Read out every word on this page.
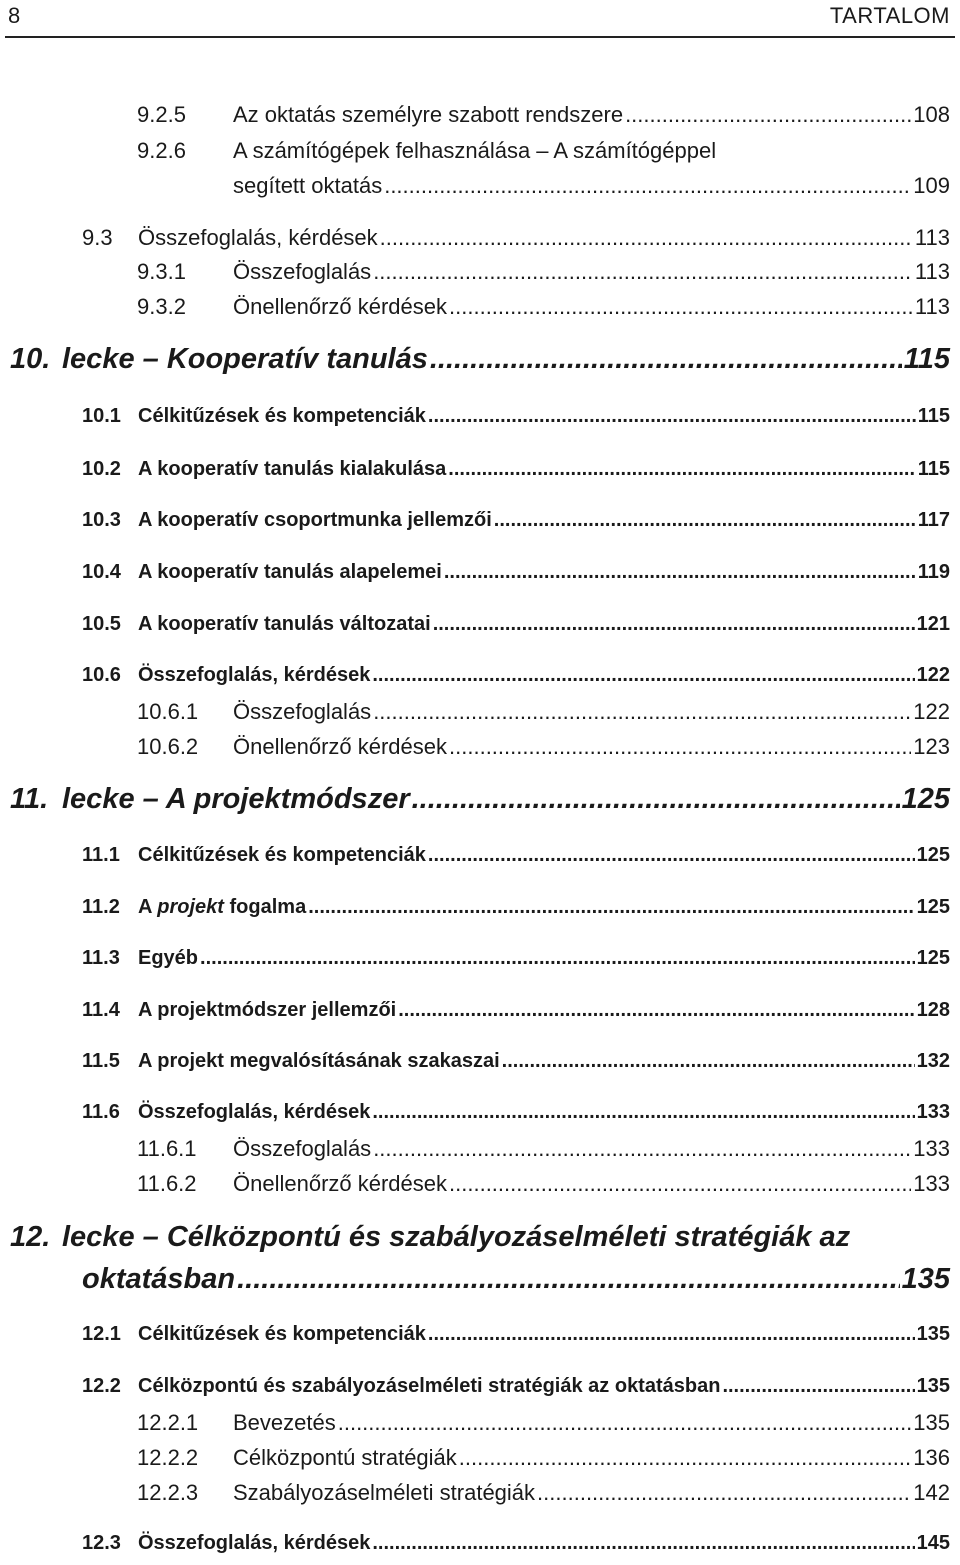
8	TARTALOM
9.2.5	Az oktatás személyre szabott rendszere .....	108
9.2.6	A számítógépek felhasználása – A számítógéppel
segített oktatás .....	109
9.3	Összefoglalás, kérdések .....	113
9.3.1	Összefoglalás .....	113
9.3.2	Önellenőrző kérdések .....	113
10. lecke – Kooperatív tanulás .....	115
10.1 Célkitűzések és kompetenciák .....	115
10.2 A kooperatív tanulás kialakulása .....	115
10.3 A kooperatív csoportmunka jellemzői .....	117
10.4 A kooperatív tanulás alapelemei .....	119
10.5 A kooperatív tanulás változatai .....	121
10.6 Összefoglalás, kérdések .....	122
10.6.1	Összefoglalás .....	122
10.6.2	Önellenőrző kérdések .....	123
11. lecke – A projektmódszer .....	125
11.1 Célkitűzések és kompetenciák .....	125
11.2 A projekt fogalma .....	125
11.3 Egyéb .....	125
11.4 A projektmódszer jellemzői .....	128
11.5 A projekt megvalósításának szakaszai .....	132
11.6 Összefoglalás, kérdések .....	133
11.6.1	Összefoglalás .....	133
11.6.2	Önellenőrző kérdések .....	133
12. lecke – Célközpontú és szabályozáselméleti stratégiák az
oktatásban .....	135
12.1 Célkitűzések és kompetenciák .....	135
12.2 Célközpontú és szabályozáselméleti stratégiák az oktatásban .....	135
12.2.1	Bevezetés .....	135
12.2.2	Célközpontú stratégiák .....	136
12.2.3	Szabályozáselméleti stratégiák .....	142
12.3 Összefoglalás, kérdések .....	145
